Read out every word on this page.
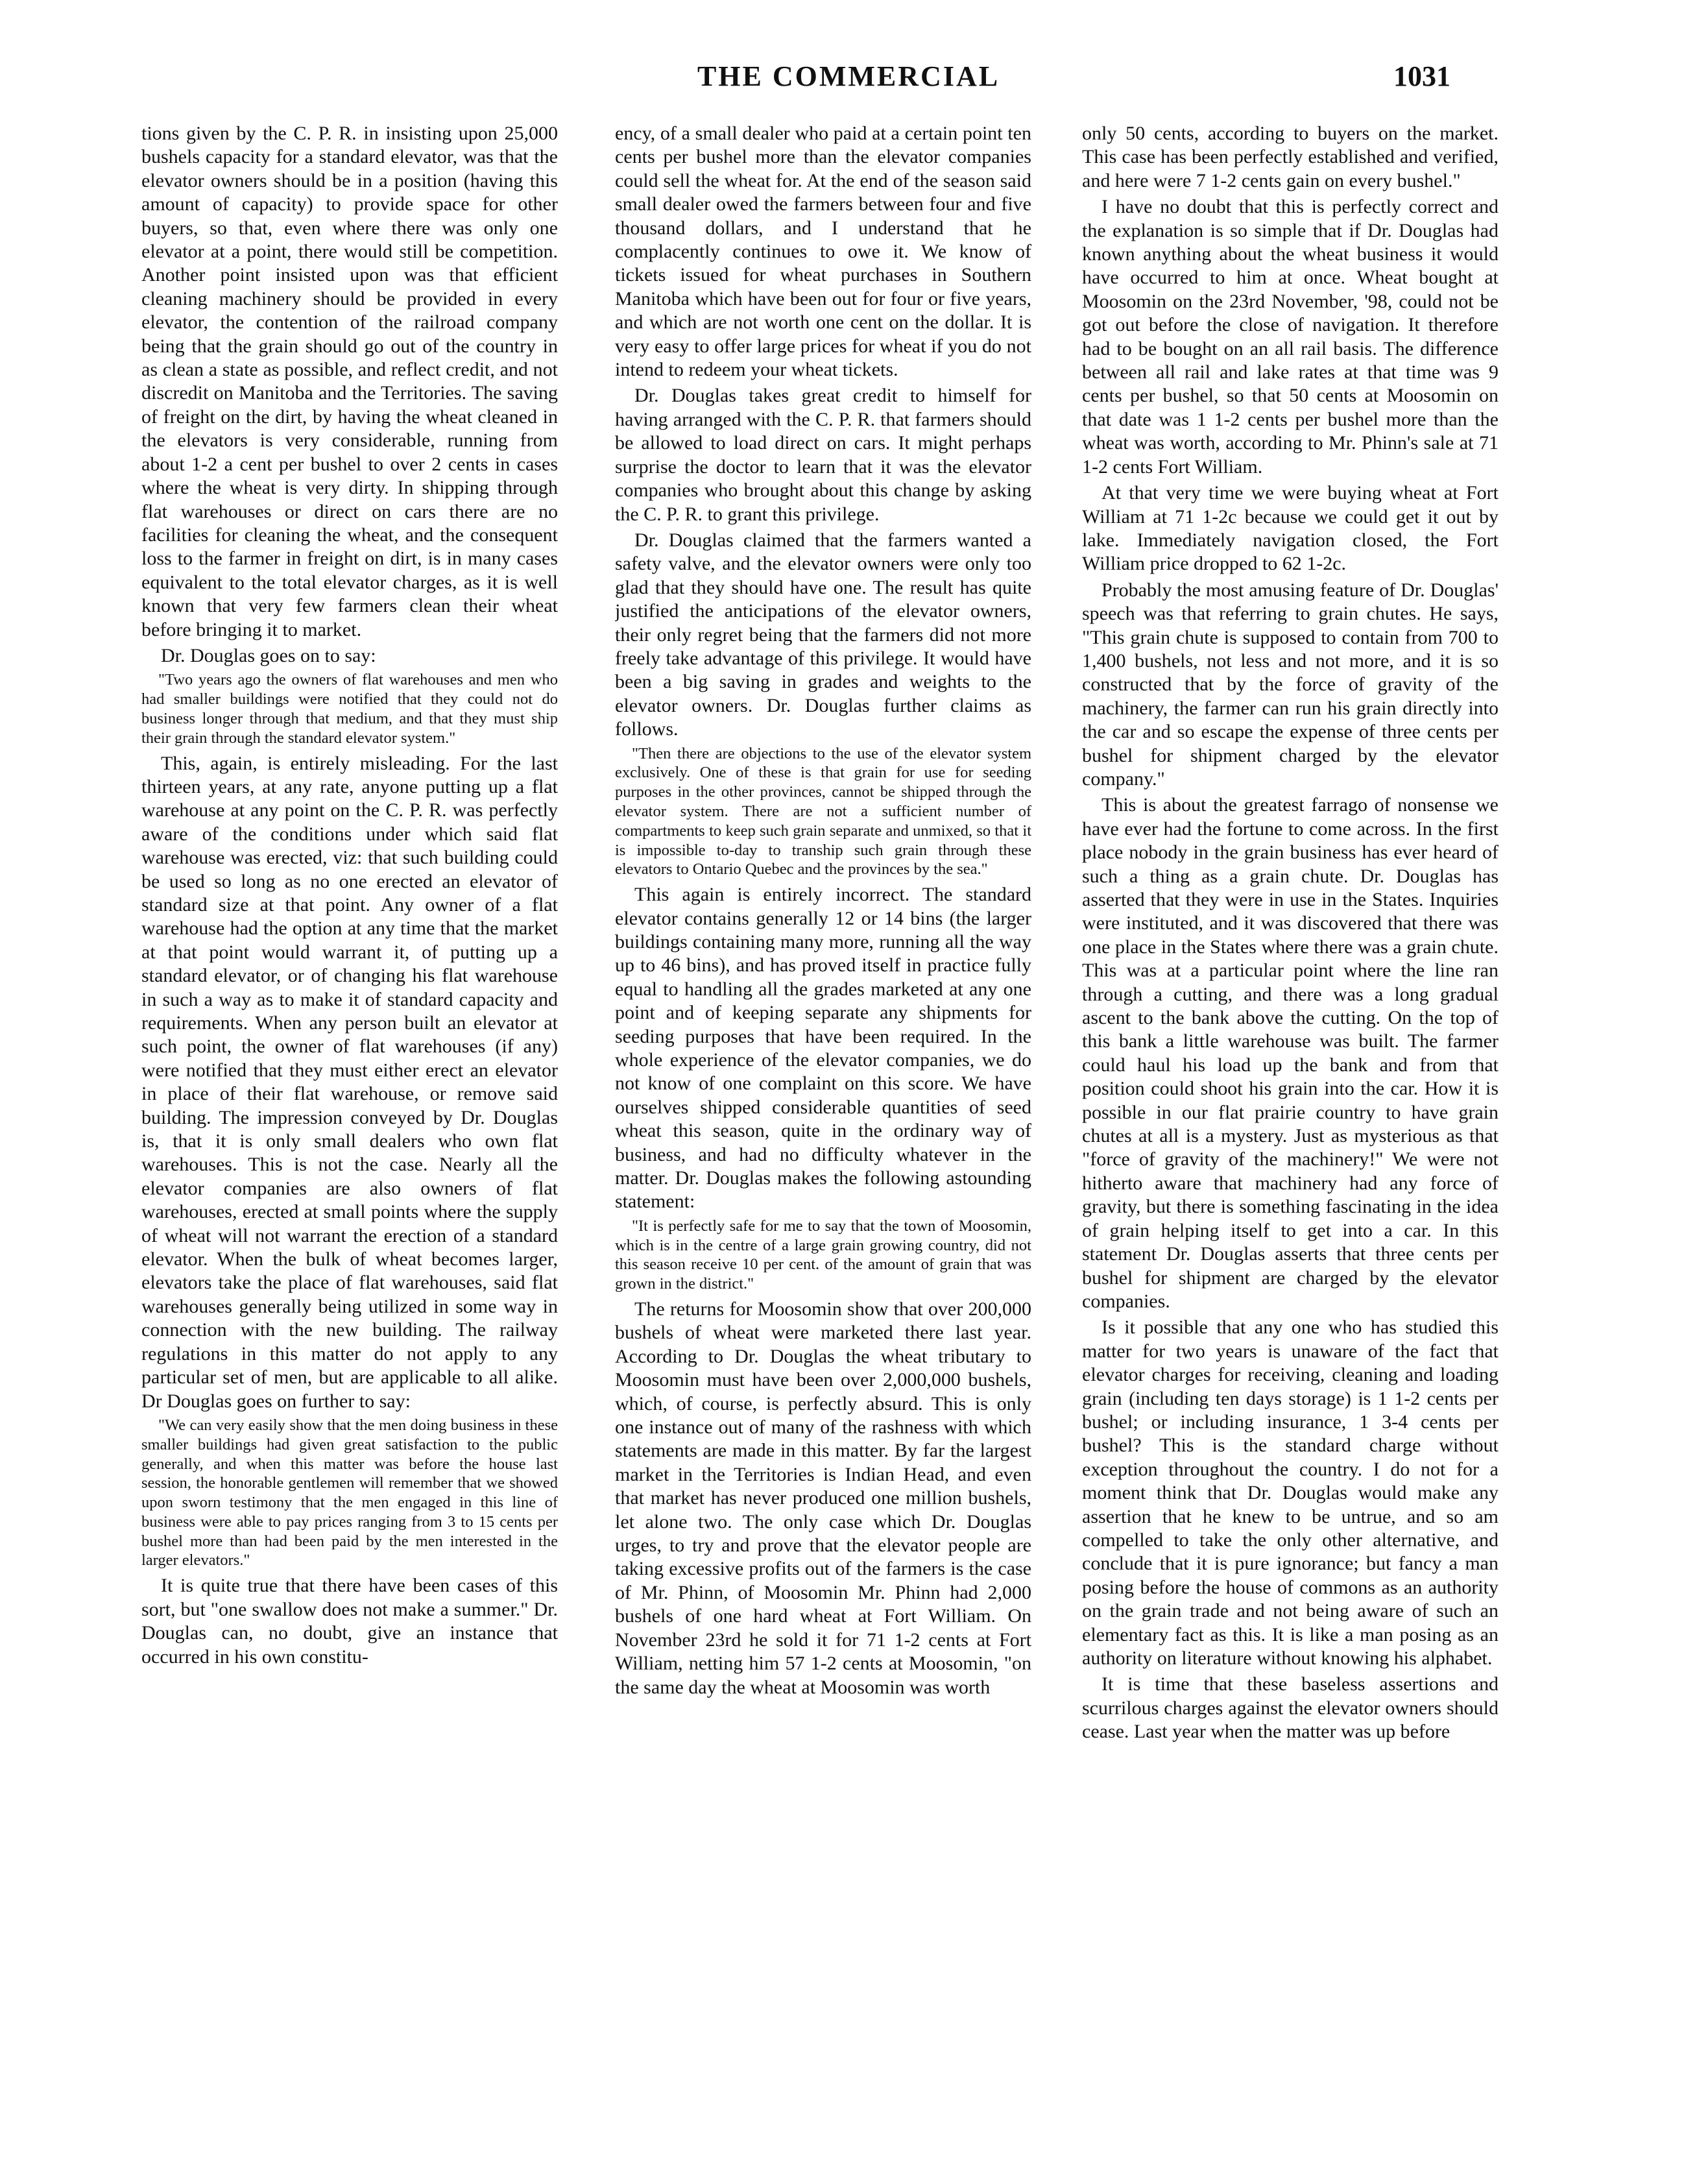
THE COMMERCIAL	1031

tions given by the C. P. R. in insisting upon 25,000 bushels capacity for a standard elevator, was that the elevator owners should be in a position (having this amount of capacity) to provide space for other buyers, so that, even where there was only one elevator at a point, there would still be competition. Another point insisted upon was that efficient cleaning machinery should be provided in every elevator, the contention of the railroad company being that the grain should go out of the country in as clean a state as possible, and reflect credit, and not discredit on Manitoba and the Territories. The saving of freight on the dirt, by having the wheat cleaned in the elevators is very considerable, running from about 1-2 a cent per bushel to over 2 cents in cases where the wheat is very dirty. In shipping through flat warehouses or direct on cars there are no facilities for cleaning the wheat, and the consequent loss to the farmer in freight on dirt, is in many cases equivalent to the total elevator charges, as it is well known that very few farmers clean their wheat before bringing it to market.

Dr. Douglas goes on to say:

"Two years ago the owners of flat warehouses and men who had smaller buildings were notified that they could not do business longer through that medium, and that they must ship their grain through the standard elevator system."

This, again, is entirely misleading. For the last thirteen years, at any rate, anyone putting up a flat warehouse at any point on the C. P. R. was perfectly aware of the conditions under which said flat warehouse was erected, viz: that such building could be used so long as no one erected an elevator of standard size at that point. Any owner of a flat warehouse had the option at any time that the market at that point would warrant it, of putting up a standard elevator, or of changing his flat warehouse in such a way as to make it of standard capacity and requirements. When any person built an elevator at such point, the owner of flat warehouses (if any) were notified that they must either erect an elevator in place of their flat warehouse, or remove said building. The impression conveyed by Dr. Douglas is, that it is only small dealers who own flat warehouses. This is not the case. Nearly all the elevator companies are also owners of flat warehouses, erected at small points where the supply of wheat will not warrant the erection of a standard elevator. When the bulk of wheat becomes larger, elevators take the place of flat warehouses, said flat warehouses generally being utilized in some way in connection with the new building. The railway regulations in this matter do not apply to any particular set of men, but are applicable to all alike. Dr Douglas goes on further to say:

"We can very easily show that the men doing business in these smaller buildings had given great satisfaction to the public generally, and when this matter was before the house last session, the honorable gentlemen will remember that we showed upon sworn testimony that the men engaged in this line of business were able to pay prices ranging from 3 to 15 cents per bushel more than had been paid by the men interested in the larger elevators."

It is quite true that there have been cases of this sort, but "one swallow does not make a summer." Dr. Douglas can, no doubt, give an instance that occurred in his own constitu-

ency, of a small dealer who paid at a certain point ten cents per bushel more than the elevator companies could sell the wheat for. At the end of the season said small dealer owed the farmers between four and five thousand dollars, and I understand that he complacently continues to owe it. We know of tickets issued for wheat purchases in Southern Manitoba which have been out for four or five years, and which are not worth one cent on the dollar. It is very easy to offer large prices for wheat if you do not intend to redeem your wheat tickets.

Dr. Douglas takes great credit to himself for having arranged with the C. P. R. that farmers should be allowed to load direct on cars. It might perhaps surprise the doctor to learn that it was the elevator companies who brought about this change by asking the C. P. R. to grant this privilege.

Dr. Douglas claimed that the farmers wanted a safety valve, and the elevator owners were only too glad that they should have one. The result has quite justified the anticipations of the elevator owners, their only regret being that the farmers did not more freely take advantage of this privilege. It would have been a big saving in grades and weights to the elevator owners. Dr. Douglas further claims as follows.

"Then there are objections to the use of the elevator system exclusively. One of these is that grain for use for seeding purposes in the other provinces, cannot be shipped through the elevator system. There are not a sufficient number of compartments to keep such grain separate and unmixed, so that it is impossible to-day to tranship such grain through these elevators to Ontario Quebec and the provinces by the sea."

This again is entirely incorrect. The standard elevator contains generally 12 or 14 bins (the larger buildings containing many more, running all the way up to 46 bins), and has proved itself in practice fully equal to handling all the grades marketed at any one point and of keeping separate any shipments for seeding purposes that have been required. In the whole experience of the elevator companies, we do not know of one complaint on this score. We have ourselves shipped considerable quantities of seed wheat this season, quite in the ordinary way of business, and had no difficulty whatever in the matter. Dr. Douglas makes the following astounding statement:

"It is perfectly safe for me to say that the town of Moosomin, which is in the centre of a large grain growing country, did not this season receive 10 per cent. of the amount of grain that was grown in the district."

The returns for Moosomin show that over 200,000 bushels of wheat were marketed there last year. According to Dr. Douglas the wheat tributary to Moosomin must have been over 2,000,000 bushels, which, of course, is perfectly absurd. This is only one instance out of many of the rashness with which statements are made in this matter. By far the largest market in the Territories is Indian Head, and even that market has never produced one million bushels, let alone two. The only case which Dr. Douglas urges, to try and prove that the elevator people are taking excessive profits out of the farmers is the case of Mr. Phinn, of Moosomin Mr. Phinn had 2,000 bushels of one hard wheat at Fort William. On November 23rd he sold it for 71 1-2 cents at Fort William, netting him 57 1-2 cents at Moosomin, "on the same day the wheat at Moosomin was worth

only 50 cents, according to buyers on the market. This case has been perfectly established and verified, and here were 7 1-2 cents gain on every bushel."

I have no doubt that this is perfectly correct and the explanation is so simple that if Dr. Douglas had known anything about the wheat business it would have occurred to him at once. Wheat bought at Moosomin on the 23rd November, '98, could not be got out before the close of navigation. It therefore had to be bought on an all rail basis. The difference between all rail and lake rates at that time was 9 cents per bushel, so that 50 cents at Moosomin on that date was 1 1-2 cents per bushel more than the wheat was worth, according to Mr. Phinn's sale at 71 1-2 cents Fort William.

At that very time we were buying wheat at Fort William at 71 1-2c because we could get it out by lake. Immediately navigation closed, the Fort William price dropped to 62 1-2c.

Probably the most amusing feature of Dr. Douglas' speech was that referring to grain chutes. He says, "This grain chute is supposed to contain from 700 to 1,400 bushels, not less and not more, and it is so constructed that by the force of gravity of the machinery, the farmer can run his grain directly into the car and so escape the expense of three cents per bushel for shipment charged by the elevator company."

This is about the greatest farrago of nonsense we have ever had the fortune to come across. In the first place nobody in the grain business has ever heard of such a thing as a grain chute. Dr. Douglas has asserted that they were in use in the States. Inquiries were instituted, and it was discovered that there was one place in the States where there was a grain chute. This was at a particular point where the line ran through a cutting, and there was a long gradual ascent to the bank above the cutting. On the top of this bank a little warehouse was built. The farmer could haul his load up the bank and from that position could shoot his grain into the car. How it is possible in our flat prairie country to have grain chutes at all is a mystery. Just as mysterious as that "force of gravity of the machinery!" We were not hitherto aware that machinery had any force of gravity, but there is something fascinating in the idea of grain helping itself to get into a car. In this statement Dr. Douglas asserts that three cents per bushel for shipment are charged by the elevator companies.

Is it possible that any one who has studied this matter for two years is unaware of the fact that elevator charges for receiving, cleaning and loading grain (including ten days storage) is 1 1-2 cents per bushel; or including insurance, 1 3-4 cents per bushel? This is the standard charge without exception throughout the country. I do not for a moment think that Dr. Douglas would make any assertion that he knew to be untrue, and so am compelled to take the only other alternative, and conclude that it is pure ignorance; but fancy a man posing before the house of commons as an authority on the grain trade and not being aware of such an elementary fact as this. It is like a man posing as an authority on literature without knowing his alphabet.

It is time that these baseless assertions and scurrilous charges against the elevator owners should cease. Last year when the matter was up before
